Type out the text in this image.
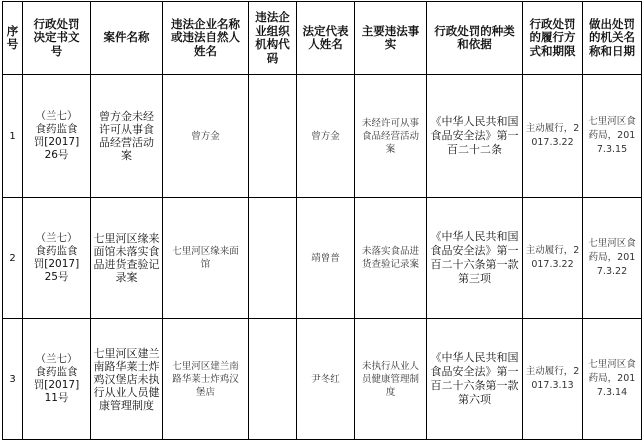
序号	行政处罚决定书文号	案件名称	违法企业名称或违法自然人姓名	违法企业组织机构代码	法定代表人姓名	主要违法事实	行政处罚的种类和依据	行政处罚的履行方式和期限	做出处罚的机关名称和日期

1	（兰七）食药监食罚[2017]26号	曾方金未经许可从事食品经营活动案	曾方金		曾方金	未经许可从事食品经营活动案	《中华人民共和国食品安全法》第一百二十二条	主动履行，2017.3.22	七里河区食药局，2017.3.15

2	（兰七）食药监食罚[2017]25号	七里河区缘来面馆未落实食品进货查验记录案	七里河区缘来面馆		靖曾普	未落实食品进货查验记录案	《中华人民共和国食品安全法》第一百二十六条第一款第三项	主动履行，2017.3.22	七里河区食药局，2017.3.22

3	（兰七）食药监食罚[2017]11号	七里河区建兰南路华莱士炸鸡汉堡店未执行从业人员健康管理制度	七里河区建兰南路华莱士炸鸡汉堡店		尹冬红	未执行从业人员健康管理制度	《中华人民共和国食品安全法》第一百二十六条第一款第六项	主动履行，2017.3.13	七里河区食药局，2017.3.14
